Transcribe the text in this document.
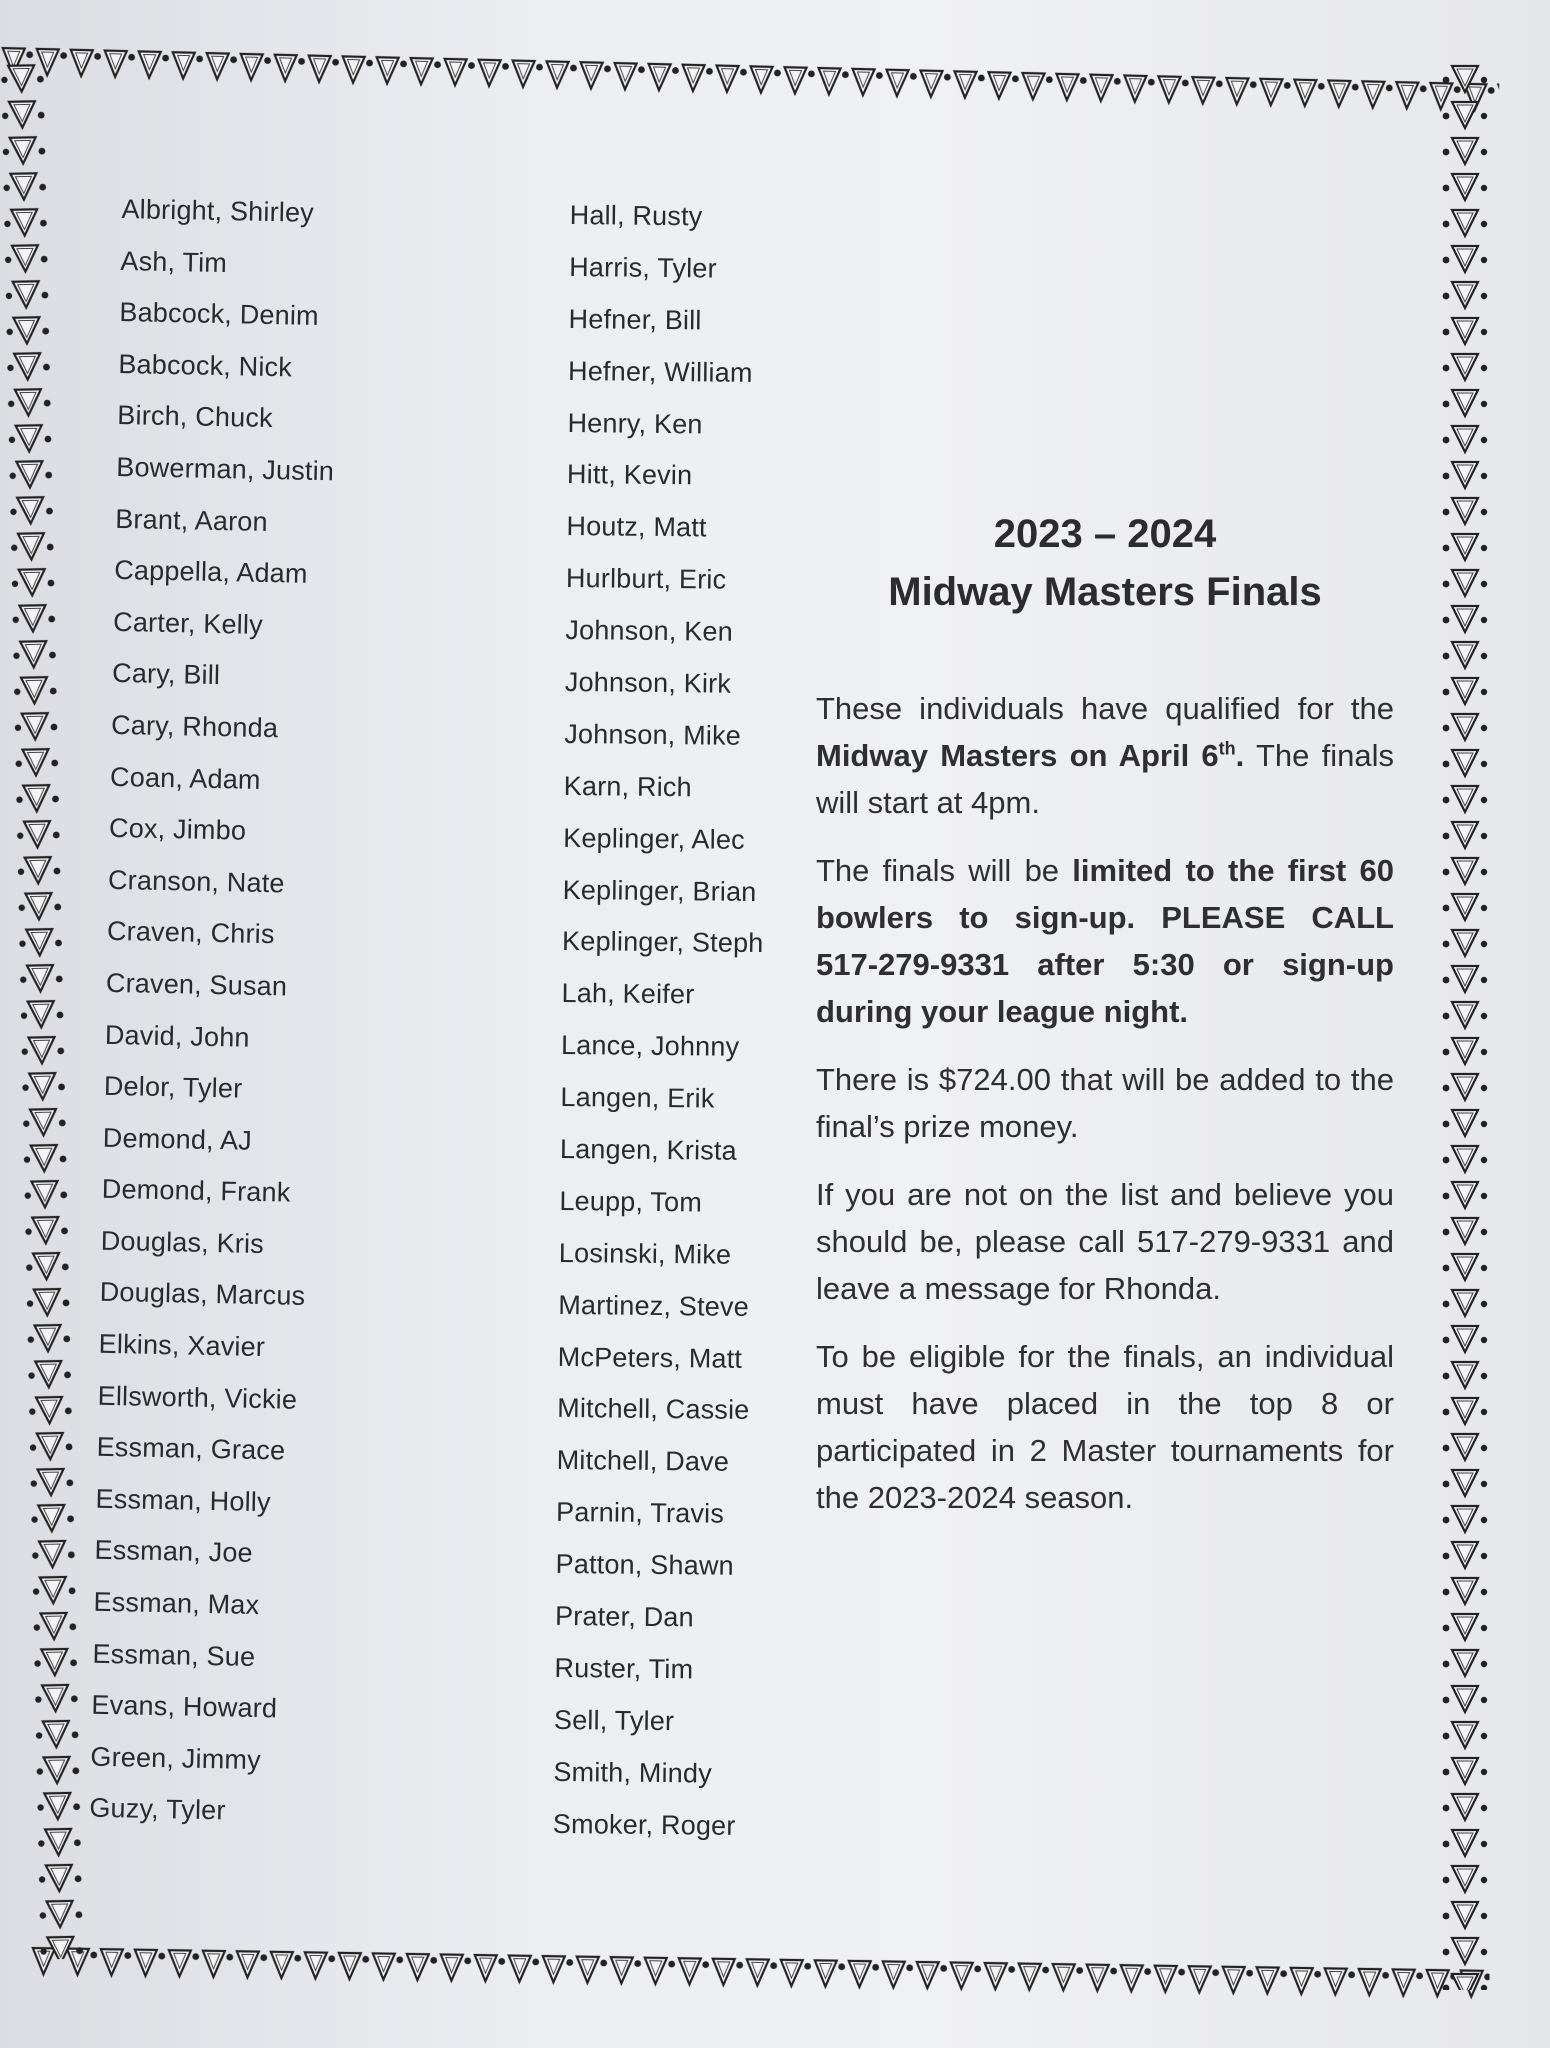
Albright, Shirley
Ash, Tim
Babcock, Denim
Babcock, Nick
Birch, Chuck
Bowerman, Justin
Brant, Aaron
Cappella, Adam
Carter, Kelly
Cary, Bill
Cary, Rhonda
Coan, Adam
Cox, Jimbo
Cranson, Nate
Craven, Chris
Craven, Susan
David, John
Delor, Tyler
Demond, AJ
Demond, Frank
Douglas, Kris
Douglas, Marcus
Elkins, Xavier
Ellsworth, Vickie
Essman, Grace
Essman, Holly
Essman, Joe
Essman, Max
Essman, Sue
Evans, Howard
Green, Jimmy
Guzy, Tyler
Hall, Rusty
Harris, Tyler
Hefner, Bill
Hefner, William
Henry, Ken
Hitt, Kevin
Houtz, Matt
Hurlburt, Eric
Johnson, Ken
Johnson, Kirk
Johnson, Mike
Karn, Rich
Keplinger, Alec
Keplinger, Brian
Keplinger, Steph
Lah, Keifer
Lance, Johnny
Langen, Erik
Langen, Krista
Leupp, Tom
Losinski, Mike
Martinez, Steve
McPeters, Matt
Mitchell, Cassie
Mitchell, Dave
Parnin, Travis
Patton, Shawn
Prater, Dan
Ruster, Tim
Sell, Tyler
Smith, Mindy
Smoker, Roger
2023 – 2024
Midway Masters Finals

These individuals have qualified for the Midway Masters on April 6th. The finals will start at 4pm.

The finals will be limited to the first 60 bowlers to sign-up. PLEASE CALL 517-279-9331 after 5:30 or sign-up during your league night.

There is $724.00 that will be added to the final’s prize money.

If you are not on the list and believe you should be, please call 517-279-9331 and leave a message for Rhonda.

To be eligible for the finals, an individual must have placed in the top 8 or participated in 2 Master tournaments for the 2023-2024 season.
